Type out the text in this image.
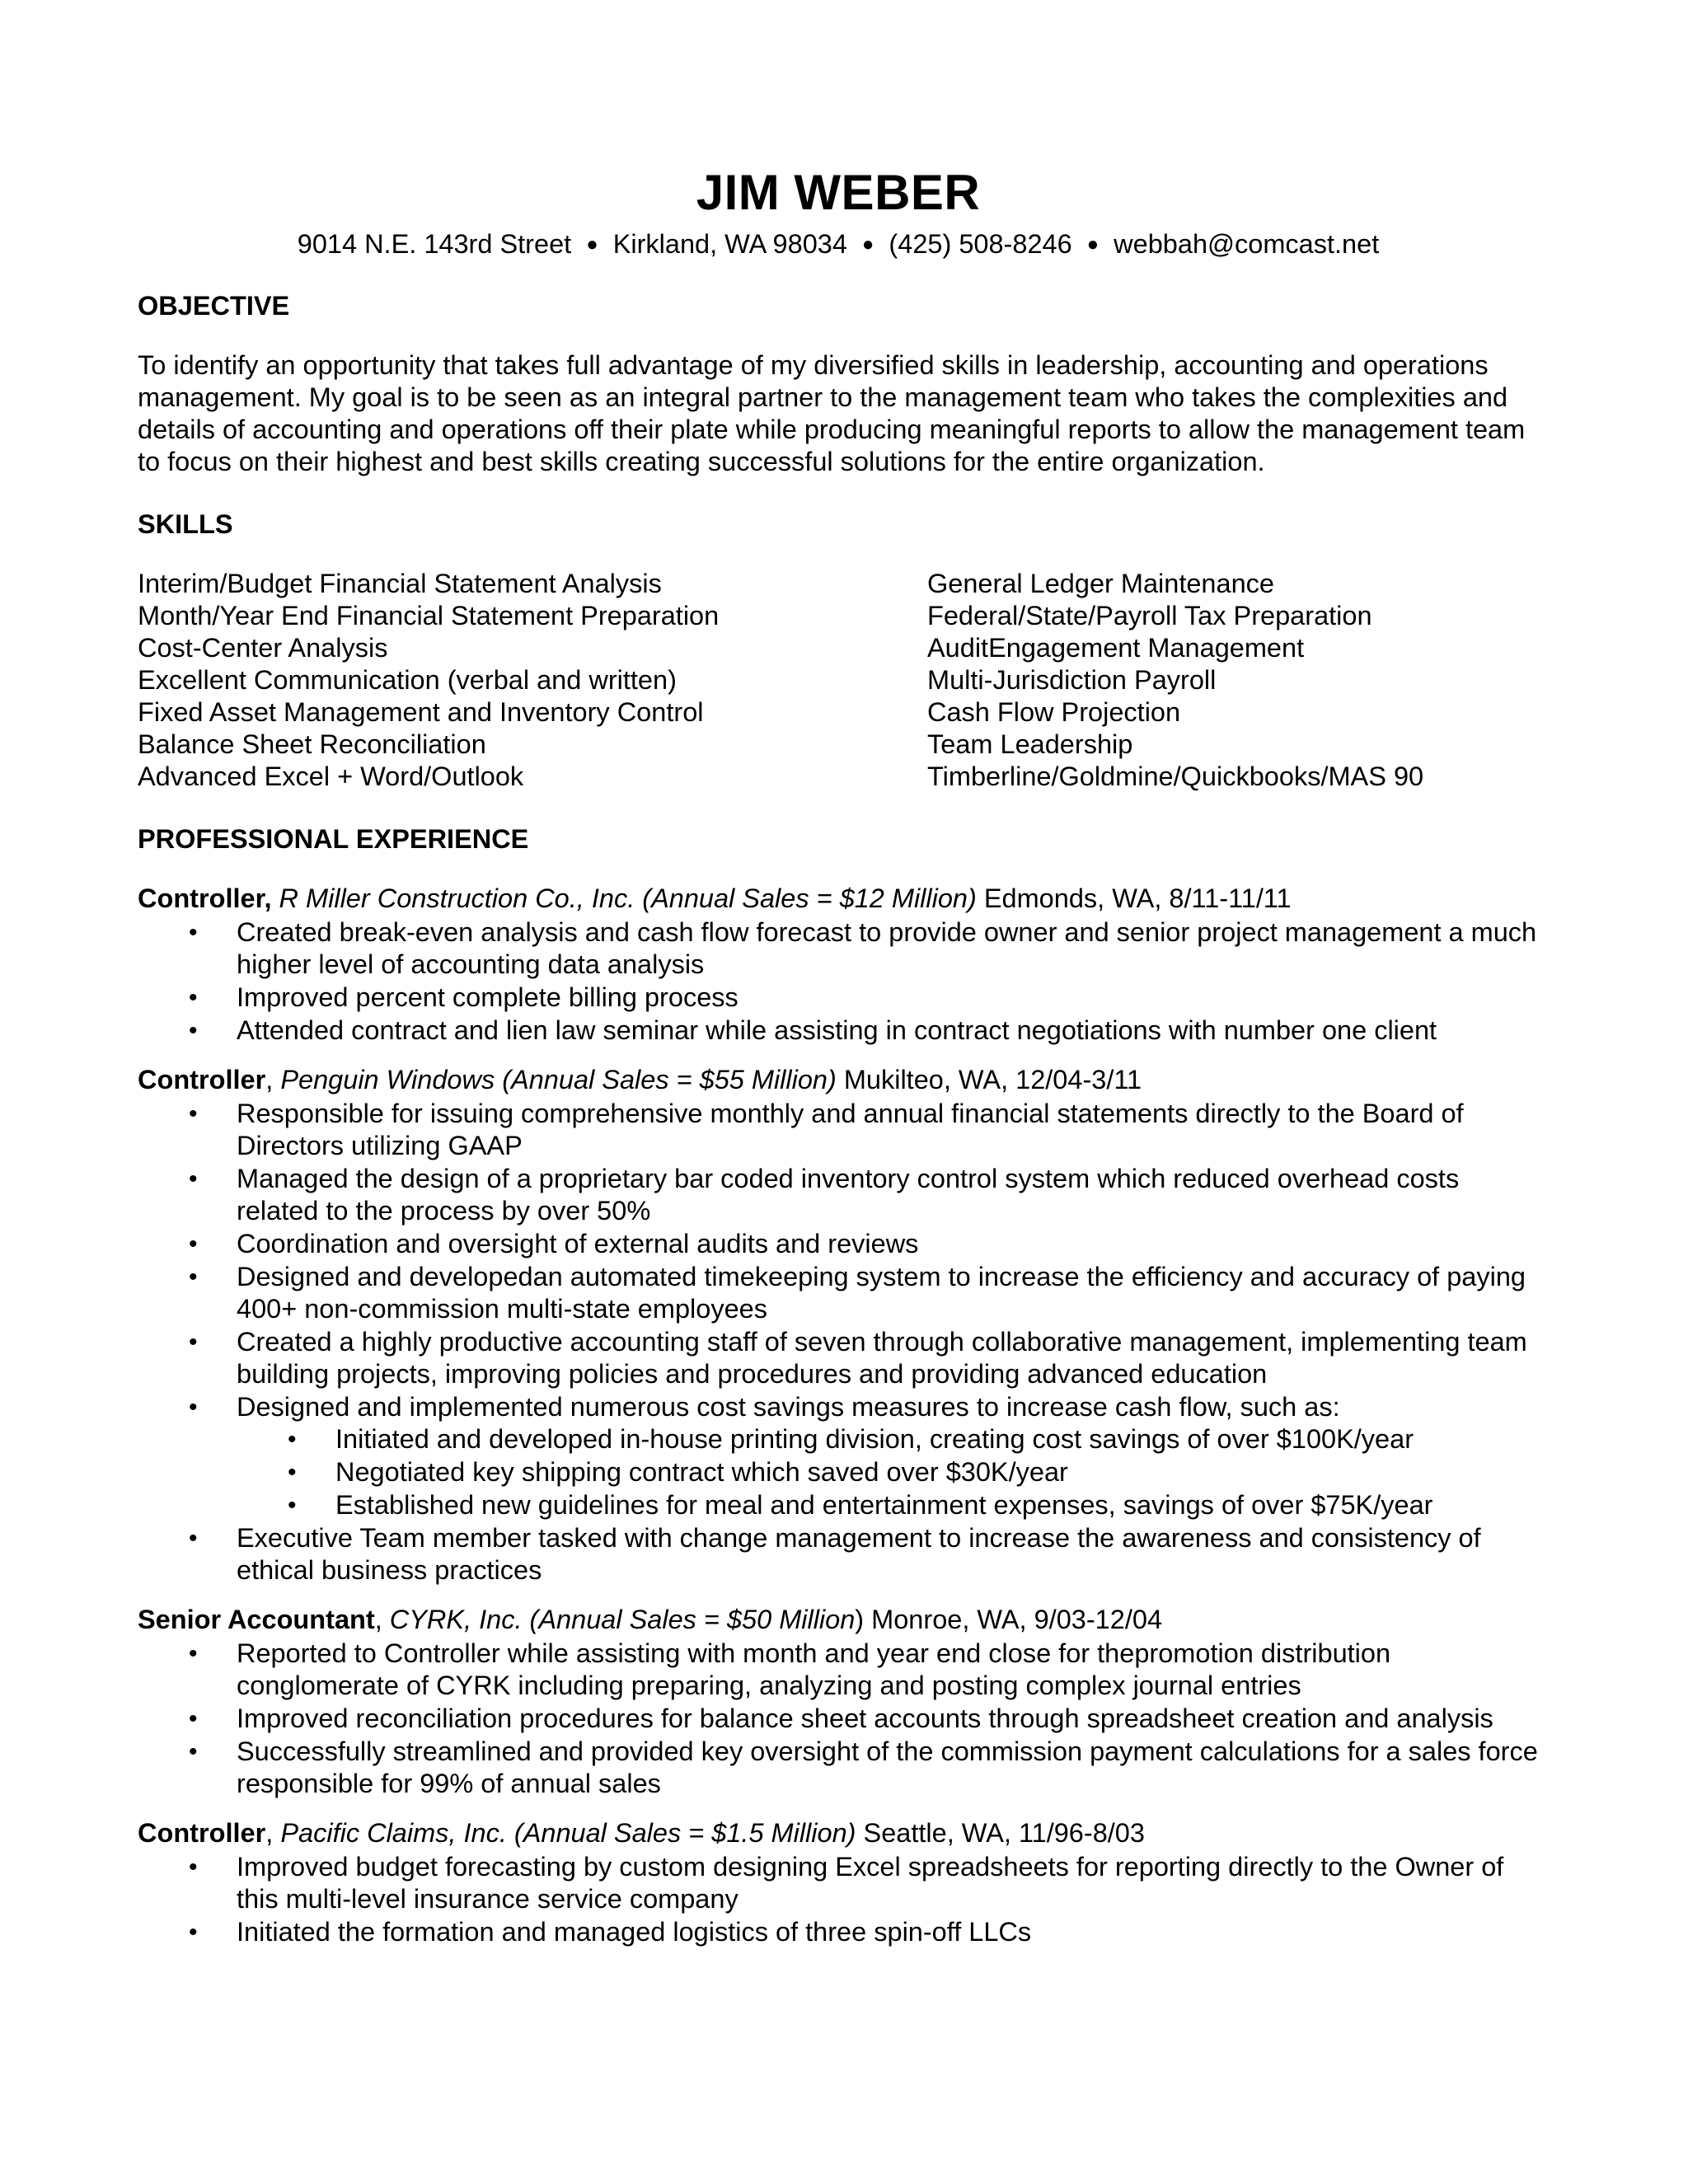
JIM WEBER
9014 N.E. 143rd Street ● Kirkland, WA 98034 ● (425) 508-8246 ● webbah@comcast.net
OBJECTIVE
To identify an opportunity that takes full advantage of my diversified skills in leadership, accounting and operations management. My goal is to be seen as an integral partner to the management team who takes the complexities and details of accounting and operations off their plate while producing meaningful reports to allow the management team to focus on their highest and best skills creating successful solutions for the entire organization.
SKILLS
Interim/Budget Financial Statement Analysis	General Ledger Maintenance
Month/Year End Financial Statement Preparation	Federal/State/Payroll Tax Preparation
Cost-Center Analysis	AuditEngagement Management
Excellent Communication (verbal and written)	Multi-Jurisdiction Payroll
Fixed Asset Management and Inventory Control	Cash Flow Projection
Balance Sheet Reconciliation	Team Leadership
Advanced Excel + Word/Outlook	Timberline/Goldmine/Quickbooks/MAS 90
PROFESSIONAL EXPERIENCE
Controller, R Miller Construction Co., Inc. (Annual Sales = $12 Million) Edmonds, WA, 8/11-11/11
• Created break-even analysis and cash flow forecast to provide owner and senior project management a much higher level of accounting data analysis
• Improved percent complete billing process
• Attended contract and lien law seminar while assisting in contract negotiations with number one client
Controller, Penguin Windows (Annual Sales = $55 Million) Mukilteo, WA, 12/04-3/11
• Responsible for issuing comprehensive monthly and annual financial statements directly to the Board of Directors utilizing GAAP
• Managed the design of a proprietary bar coded inventory control system which reduced overhead costs related to the process by over 50%
• Coordination and oversight of external audits and reviews
• Designed and developedan automated timekeeping system to increase the efficiency and accuracy of paying 400+ non-commission multi-state employees
• Created a highly productive accounting staff of seven through collaborative management, implementing team building projects, improving policies and procedures and providing advanced education
• Designed and implemented numerous cost savings measures to increase cash flow, such as:
• Initiated and developed in-house printing division, creating cost savings of over $100K/year
• Negotiated key shipping contract which saved over $30K/year
• Established new guidelines for meal and entertainment expenses, savings of over $75K/year
• Executive Team member tasked with change management to increase the awareness and consistency of ethical business practices
Senior Accountant, CYRK, Inc. (Annual Sales = $50 Million) Monroe, WA, 9/03-12/04
• Reported to Controller while assisting with month and year end close for thepromotion distribution conglomerate of CYRK including preparing, analyzing and posting complex journal entries
• Improved reconciliation procedures for balance sheet accounts through spreadsheet creation and analysis
• Successfully streamlined and provided key oversight of the commission payment calculations for a sales force responsible for 99% of annual sales
Controller, Pacific Claims, Inc. (Annual Sales = $1.5 Million) Seattle, WA, 11/96-8/03
• Improved budget forecasting by custom designing Excel spreadsheets for reporting directly to the Owner of this multi-level insurance service company
• Initiated the formation and managed logistics of three spin-off LLCs
